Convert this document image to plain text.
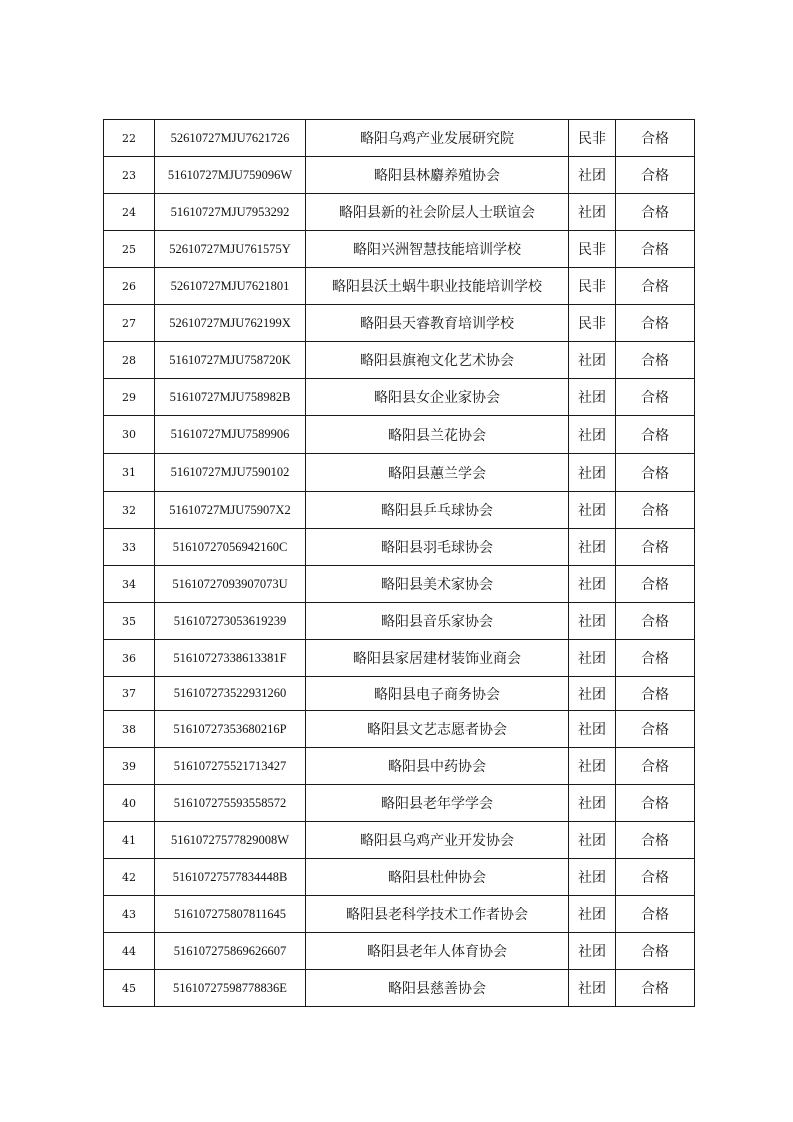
22	52610727MJU7621726	略阳乌鸡产业发展研究院	民非	合格
23	51610727MJU759096W	略阳县林麝养殖协会	社团	合格
24	51610727MJU7953292	略阳县新的社会阶层人士联谊会	社团	合格
25	52610727MJU761575Y	略阳兴洲智慧技能培训学校	民非	合格
26	52610727MJU7621801	略阳县沃土蜗牛职业技能培训学校	民非	合格
27	52610727MJU762199X	略阳县天睿教育培训学校	民非	合格
28	51610727MJU758720K	略阳县旗袍文化艺术协会	社团	合格
29	51610727MJU758982B	略阳县女企业家协会	社团	合格
30	51610727MJU7589906	略阳县兰花协会	社团	合格
31	51610727MJU7590102	略阳县蕙兰学会	社团	合格
32	51610727MJU75907X2	略阳县乒乓球协会	社团	合格
33	51610727056942160C	略阳县羽毛球协会	社团	合格
34	51610727093907073U	略阳县美术家协会	社团	合格
35	516107273053619239	略阳县音乐家协会	社团	合格
36	51610727338613381F	略阳县家居建材装饰业商会	社团	合格
37	516107273522931260	略阳县电子商务协会	社团	合格
38	51610727353680216P	略阳县文艺志愿者协会	社团	合格
39	516107275521713427	略阳县中药协会	社团	合格
40	516107275593558572	略阳县老年学学会	社团	合格
41	51610727577829008W	略阳县乌鸡产业开发协会	社团	合格
42	51610727577834448B	略阳县杜仲协会	社团	合格
43	516107275807811645	略阳县老科学技术工作者协会	社团	合格
44	516107275869626607	略阳县老年人体育协会	社团	合格
45	51610727598778836E	略阳县慈善协会	社团	合格
